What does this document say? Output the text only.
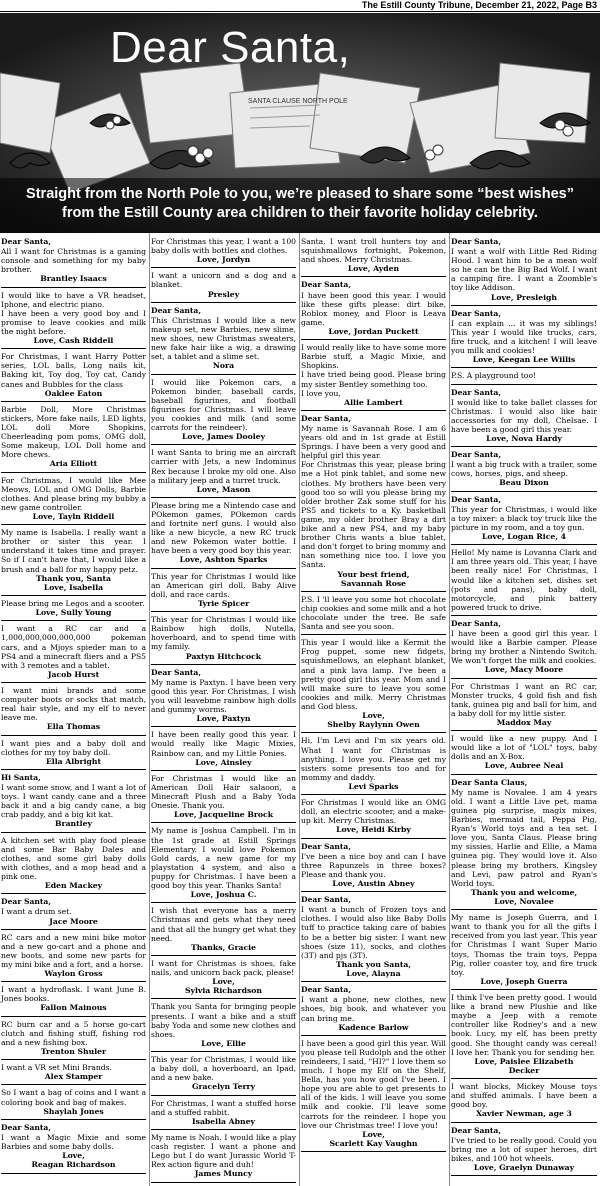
The Estill County Tribune, December 21, 2022, Page B3
SANTA CLAUSE NORTH POLE
Dear Santa,
Straight from the North Pole to you, we’re pleased to share some “best wishes”
from the Estill County area children to their favorite holiday celebrity.
Dear Santa,
All I want for Christmas is a gaming console and something for my baby brother.
Brantley Isaacs
I would like to have a VR headset, Iphone, and electric piano.
I have been a very good boy and I promise to leave cookies and milk the night before.
Love, Cash Riddell
For Christmas, I want Harry Potter series, LOL balls, Long nails kit, Baking kit, Toy dog, Toy cat, Candy canes and Bubbles for the class
Oaklee Eaton
Barbie Doll, More Christmas stickers, More fake nails, LED lights, LOL doll More Shopkins, Cheerleading pom poms, OMG doll, Some makeup, LOL Doll home and More chews.
Aria Elliott
For Christmas, I would like Mee Meows, LOL and OMG Dolls, Barbie clothes. And please bring my bubby a new game controller.
Love, Tayln Riddell
My name is Isabella. I really want a brother or sister this year. I understand it takes time and prayer. So if I can't have that, I would like a brush and a ball for my happy petz.
Thank you, Santa
Love, Isabella
Please bring me Legos and a scooter.
Love, Sully Young
I want a RC car and a 1,000,000,000,000,000 pokeman cars, and a Mjoys spieder man to a PS4 and a minecraft fliers and a PS5 with 3 remotes and a tablet.
Jacob Hurst
I want mini brands and some computer boots or socks that match, real hair style, and my elf to never leave me.
Ella Thomas
I want pies and a baby doll and clothes for my toy baby doll.
Ella Albright
Hi Santa,
I want some snow, and I want a lot of toys. I want candy cane and a three back it and a big candy cane, a big crab paddy, and a big kit kat.
Brantley
A kitchen set with play food please and some Bar Baby Dales and clothes, and some girl baby dolls with clothes, and a mop head and a pink one.
Eden Mackey
Dear Santa,
I want a drum set.
Jace Moore
RC cars and a new mini bike motor and a new go-cart and a phone and new boots, and some new parts for my mini bike and a fort, and a horse.
Waylon Gross
I want a hydroflask. I want June B. Jones books.
Fallon Mainous
RC burn car and a 5 horse go-cart clutch and fishing stuff, fishing rod and a new fishing box.
Trenton Shuler
I want a VR set Mini Brands.
Alex Stamper
So I want a bag of coins and I want a coloring book and bag of makes.
Shaylah Jones
Dear Santa,
I want a Magic Mixie and some Barbies and some baby dolls.
Love,
Reagan Richardson
For Christmas this year, I want a 100 baby dolls with bottles and clothes.
Love, Jordyn
I want a unicorn and a dog and a blanket.
Presley
Dear Santa,
This Christmas I would like a new makeup set, new Barbies, new slime, new shoes, new Christmas sweaters, new fake hair like a wig, a drawing set, a tablet and a slime set.
Nora
I would like Pokemon cars, a Pokemon binder, baseball cards, baseball figurines, and football figurines for Christmas. I will leave you cookies and milk (and some carrots for the reindeer).
Love, James Dooley
I want Santa to bring me an aircraft carrier with Jets, a new Indominus Rex because I broke my old one. Also a military jeep and a turret truck.
Love, Mason
Please bring me a Nintendo case and POkemon games, POkemon cards and fortnite nerf guns. I would also like a new bicycle, a new RC truck and new Pokemon water bottle. I have been a very good boy this year.
Love, Ashton Sparks
This year for Christmas I would like an American girl doll, Baby Alive doll, and race cards.
Tyrie Spicer
This year for Christmas I would like Rainbow high dolls, Nutella, hoverboard, and to spend time with my family.
Paxtyn Hitchcock
Dear Santa,
My name is Paxtyn. I have been very good this year. For Christmas, I wish you will leavebme rainbow high dolls and gummy worms.
Love, Paxtyn
I have been really good this year. I would really like Magic Mixies, Rainbow can, and my Little Ponies.
Love, Ainsley
For Christmas I would like an American Doll Hair salaoon, a Minecraft Plush and a Baby Yoda Onesie. Thank you.
Love, Jacqueline Brock
My name is Joshua Campbell. I'm in the 1st grade at Estill Springs Elementary. I would love Pokemon Gold cards, a new game for my playstation 4 system, and also a puppy for Christmas. I have been a good boy this year. Thanks Santa!
Love, Joshua C.
I wish that everyone has a merry Christmas and gets what they need and that all the hungry get what they need.
Thanks, Gracie
I want for Christmas is shoes, fake nails, and unicorn back pack, please!
Love,
Sylvia Richardson
Thank you Santa for bringing people presents. I want a bike and a stuff baby Yoda and some new clothes and shoes.
Love, Ellie
This year for Christmas, I would like a baby doll, a hoverboard, an Ipad, and a new bake.
Gracelyn Terry
For Christmas, I want a stuffed horse and a stuffed rabbit.
Isabella Abney
My name is Noah. I would like a play cash register. I want a phone and Lego but I do want Jurassic World T-Rex action figure and duh!
James Muncy
Santa, I want troll hunters toy and squishmallows fortnight, Pokemon, and shoes. Merry Christmas.
Love, Ayden
Dear Santa,
I have been good this year. I would like these gifts please: dirt bike, Roblox money, and Floor is Leava game.
Love, Jordan Puckett
I would really like to have some more Barbie stuff, a Magic Mixie, and Shopkins.
I have tried being good. Please bring my sister Bentley something too.
I love you,
Allie Lambert
Dear Santa,
My name is Savannah Rose. I am 6 years old and in 1st grade at Estill Springs. I have been a very good and helpful girl this year.
For Christmas this year, please bring me a Hot pink tablet, and some new clothes. My brothers have been very good too so will you please bring my older brother Zak some stuff for his PS5 and tickets to a Ky. basketball game, my older brother Bray a dirt bike and a new PS4, and my baby brother Chris wants a blue tablet, and don't forget to bring mommy and nan something nice too. I love you Santa.
Your best friend,
Savannah Rose
P.S. I 'll leave you some hot chocolate chip cookies and some milk and a hot chocolate under the tree. Be safe Santa and see you soon.
This year I would like a Kermit the Frog puppet, some new fidgets, squishmellows, an elephant blanket, and a pink lava lamp. I've been a pretty good girl this year. Mom and I will make sure to leave you some cookies and milk. Merry Christmas and God bless.
Love,
Shelby Raylynn Owen
Hi, I'm Levi and I'm six years old. What I want for Christmas is anything. I love you. Please get my sisters some presents too and for mommy and daddy.
Levi Sparks
For Christmas I would like an OMG doll, an electric scooter, and a make-up kit. Merry Christmas.
Love, Heidi Kirby
Dear Santa,
I've been a nice boy and can I have three Rapunzels in three boxes? Please and thank you.
Love, Austin Abney
Dear Santa,
I want a bunch of Frozen toys and clothes. I would also like Baby Dolls tuff to practice taking care of babies to be a better big sister. I want new shoes (size 11), socks, and clothes (3T) and pjs (3T).
Thank you Santa,
Love, Alayna
Dear Santa,
I want a phone, new clothes, new shoes, big book, and whatever you can bring me.
Kadence Barlow
I have been a good girl this year. Will you please tell Rudolph and the other reindeers, I said, "HI?" I love them so much. I hope my Elf on the Shelf, Bella, has you how good I've been. I hope you are able to get presents to all of the kids. I will leave you some milk and cookie. I'll leave some carrots for the reindeer. I hope you love our Christmas tree! I love you!
Love,
Scarlett Kay Vaughn
Dear Santa,
I want a wolf with Little Red Riding Hood. I want him to be a mean wolf so he can be the Big Bad Wolf. I want a camping fire. I want a Zoomble's toy like Addison.
Love, Presleigh
Dear Santa,
I can explain ... it was my siblings! This year I would like trucks, cars, fire truck, and a kitchen! I will leave you milk and cookies!
Love, Keegan Lee Willis
P.S. A playground too!
Dear Santa,
I would like to take ballet classes for Christmas. I would also like hair accessories for my doll, Chelsae. I have been a good girl this year.
Love, Nova Hardy
Dear Santa,
I want a big truck with a trailer, some cows, horses, pigs, and sheep.
Beau Dixon
Dear Santa,
This year for Christmas, i would like a toy mixer: a black toy truck like the picture in my room, and a toy gun.
Love, Logan Rice, 4
Hello! My name is Lovanna Clark and I am three years old. This year, I have been really nice! For Christmas, I would like a kitchen set, dishes set (pots and pans), baby doll, motorcycle, and pink battery powered truck to drive.
Dear Santa,
I have been a good girl this year. I would like a Barbie camper. Please bring my brother a Nintendo Switch. We won't forget the milk and cookies.
Love, Macy Moore
For Christmas I want an RC car, Monster trucks, 4 gold fish and fish tank, guinea pig and ball for him, and a baby doll for my little sister.
Maddox May
I would like a new puppy. And I would like a lot of "LOL" toys, baby dolls and an X-Box.
Love, Aubree Neal
Dear Santa Claus,
My name is Novalee. I am 4 years old. I want a Little Live pet, mama guinea pig surprise, magix mixes, Barbies, mermaid tail, Peppa Pig, Ryan's World toys and a tea set. I love you, Santa Claus. Please bring my sissies, Harlie and Ellie, a Mama guinea pig. They would love it. Also please bring my brothers, Kingsley and Levi, paw patrol and Ryan's World toys.
Thank you and welcome,
Love, Novalee
My name is Joseph Guerra, and I want to thank you for all the gifts I received from you last year. This year for Christmas I want Super Mario toys, Thomas the train toys, Peppa Pig, roller coaster toy, and fire truck toy.
Love, Joseph Guerra
I think I've been pretty good. I would like a brand new Plushie and like maybe a Jeep with a remote controller like Rodney's and a new book. Lucy, my elf, has been pretty good. She thought candy was cereal! I love her. Thank you for sending her.
Love, Paislee Elizabeth
Decker
I want blocks, Mickey Mouse toys and stuffed animals. I have been a good boy.
Xavier Newman, age 3
Dear Santa,
I've tried to be really good. Could you bring me a lot of super heroes, dirt bikes, and 100 hot wheels.
Love, Graelyn Dunaway
